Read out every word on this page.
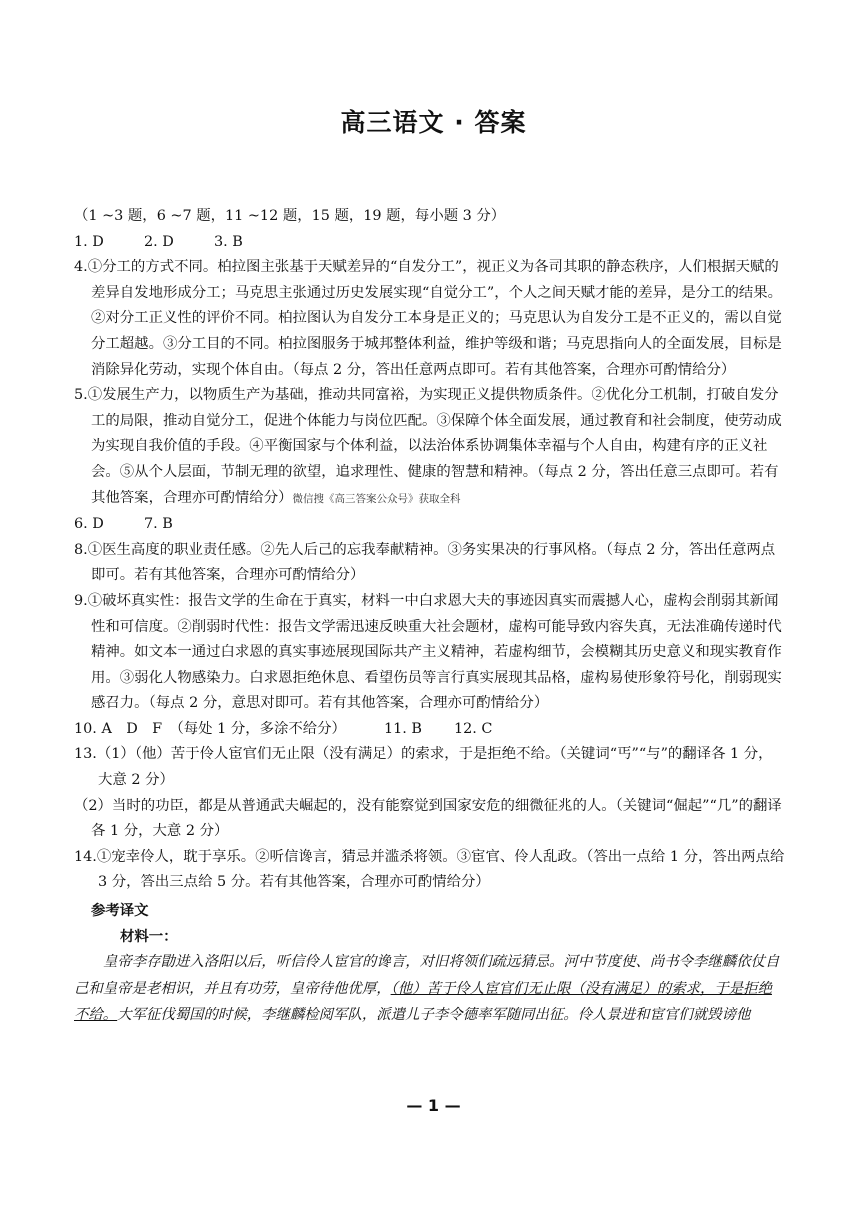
高三语文 · 答案

（1 ~3 题，6 ~7 题，11 ~12 题，15 题，19 题，每小题 3 分）

1. D	2. D	3. B

4.①分工的方式不同。柏拉图主张基于天赋差异的“自发分工”，视正义为各司其职的静态秩序，人们根据天赋的差异自发地形成分工；马克思主张通过历史发展实现“自觉分工”，个人之间天赋才能的差异，是分工的结果。②对分工正义性的评价不同。柏拉图认为自发分工本身是正义的；马克思认为自发分工是不正义的，需以自觉分工超越。③分工目的不同。柏拉图服务于城邦整体利益，维护等级和谐；马克思指向人的全面发展，目标是消除异化劳动，实现个体自由。（每点 2 分，答出任意两点即可。若有其他答案，合理亦可酌情给分）

5.①发展生产力，以物质生产为基础，推动共同富裕，为实现正义提供物质条件。②优化分工机制，打破自发分工的局限，推动自觉分工，促进个体能力与岗位匹配。③保障个体全面发展，通过教育和社会制度，使劳动成为实现自我价值的手段。④平衡国家与个体利益，以法治体系协调集体幸福与个人自由，构建有序的正义社会。⑤从个人层面，节制无理的欲望，追求理性、健康的智慧和精神。（每点 2 分，答出任意三点即可。若有其他答案，合理亦可酌情给分）微信搜《高三答案公众号》获取全科

6. D	7. B

8.①医生高度的职业责任感。②先人后己的忘我奉献精神。③务实果决的行事风格。（每点 2 分，答出任意两点即可。若有其他答案，合理亦可酌情给分）

9.①破坏真实性：报告文学的生命在于真实，材料一中白求恩大夫的事迹因真实而震撼人心，虚构会削弱其新闻性和可信度。②削弱时代性：报告文学需迅速反映重大社会题材，虚构可能导致内容失真，无法准确传递时代精神。如文本一通过白求恩的真实事迹展现国际共产主义精神，若虚构细节，会模糊其历史意义和现实教育作用。③弱化人物感染力。白求恩拒绝休息、看望伤员等言行真实展现其品格，虚构易使形象符号化，削弱现实感召力。（每点 2 分，意思对即可。若有其他答案，合理亦可酌情给分）

10. A　D　F　（每处 1 分，多涂不给分）	11. B 12. C

13.（1）（他）苦于伶人宦官们无止限（没有满足）的索求，于是拒绝不给。（关键词“丐”“与”的翻译各 1 分，大意 2 分）

（2）当时的功臣，都是从普通武夫崛起的，没有能察觉到国家安危的细微征兆的人。（关键词“倔起”“几”的翻译各 1 分，大意 2 分）

14.①宠幸伶人，耽于享乐。②听信谗言，猜忌并滥杀将领。③宦官、伶人乱政。（答出一点给 1 分，答出两点给 3 分，答出三点给 5 分。若有其他答案，合理亦可酌情给分）

参考译文

材料一：

皇帝李存勖进入洛阳以后，听信伶人宦官的谗言，对旧将领们疏远猜忌。河中节度使、尚书令李继麟依仗自己和皇帝是老相识，并且有功劳，皇帝待他优厚，（他）苦于伶人宦官们无止限（没有满足）的索求，于是拒绝不给。大军征伐蜀国的时候，李继麟检阅军队，派遣儿子李令德率军随同出征。伶人景进和宦官们就毁谤他

— 1 —
